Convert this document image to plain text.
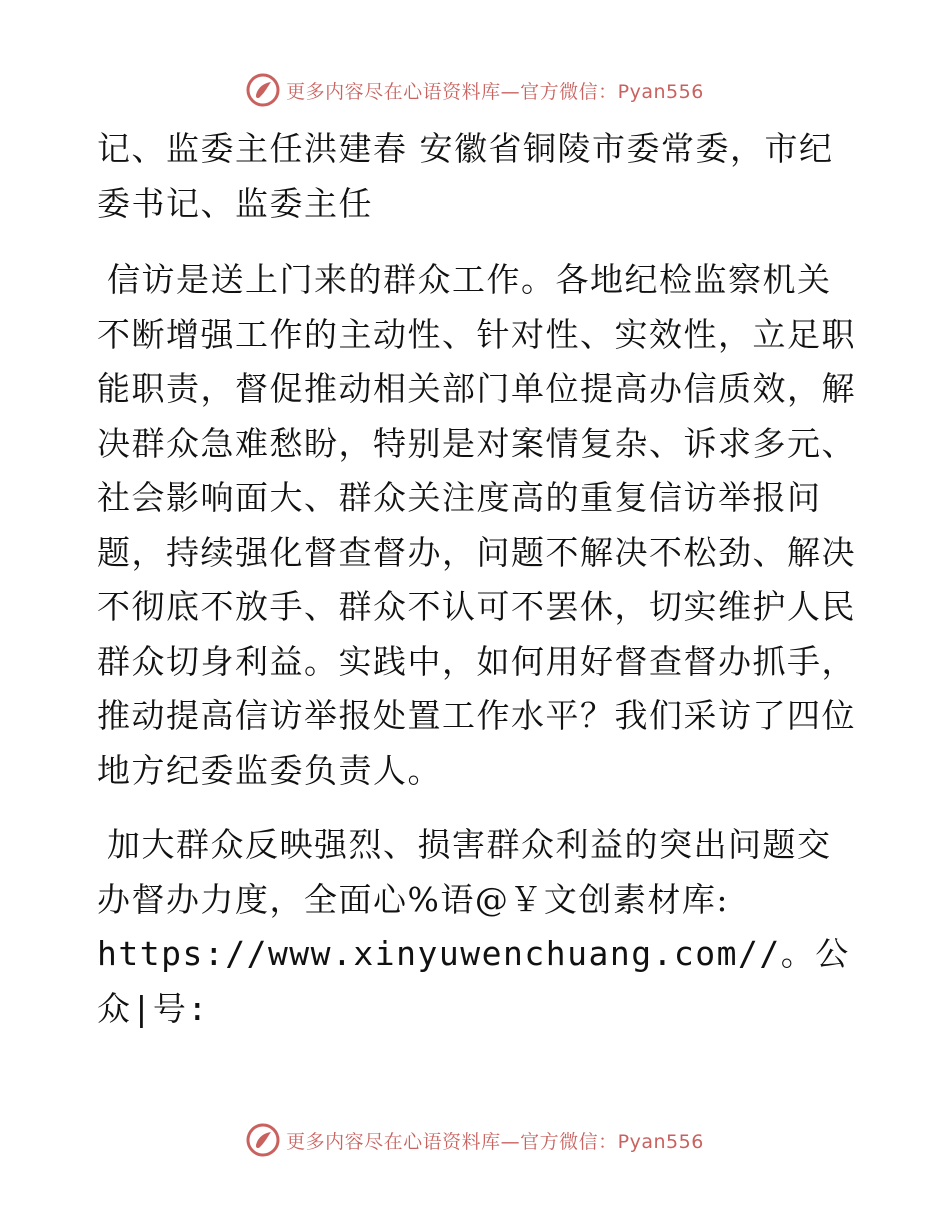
更多内容尽在心语资料库—官方微信：Pyan556

记、监委主任洪建春 安徽省铜陵市委常委，市纪委书记、监委主任

信访是送上门来的群众工作。各地纪检监察机关不断增强工作的主动性、针对性、实效性，立足职能职责，督促推动相关部门单位提高办信质效，解决群众急难愁盼，特别是对案情复杂、诉求多元、社会影响面大、群众关注度高的重复信访举报问题，持续强化督查督办，问题不解决不松劲、解决不彻底不放手、群众不认可不罢休，切实维护人民群众切身利益。实践中，如何用好督查督办抓手，推动提高信访举报处置工作水平？我们采访了四位地方纪委监委负责人。

加大群众反映强烈、损害群众利益的突出问题交办督办力度，全面心%语@￥文创素材库:

https://www.xinyuwenchuang.com//。公众|号:

更多内容尽在心语资料库—官方微信：Pyan556
